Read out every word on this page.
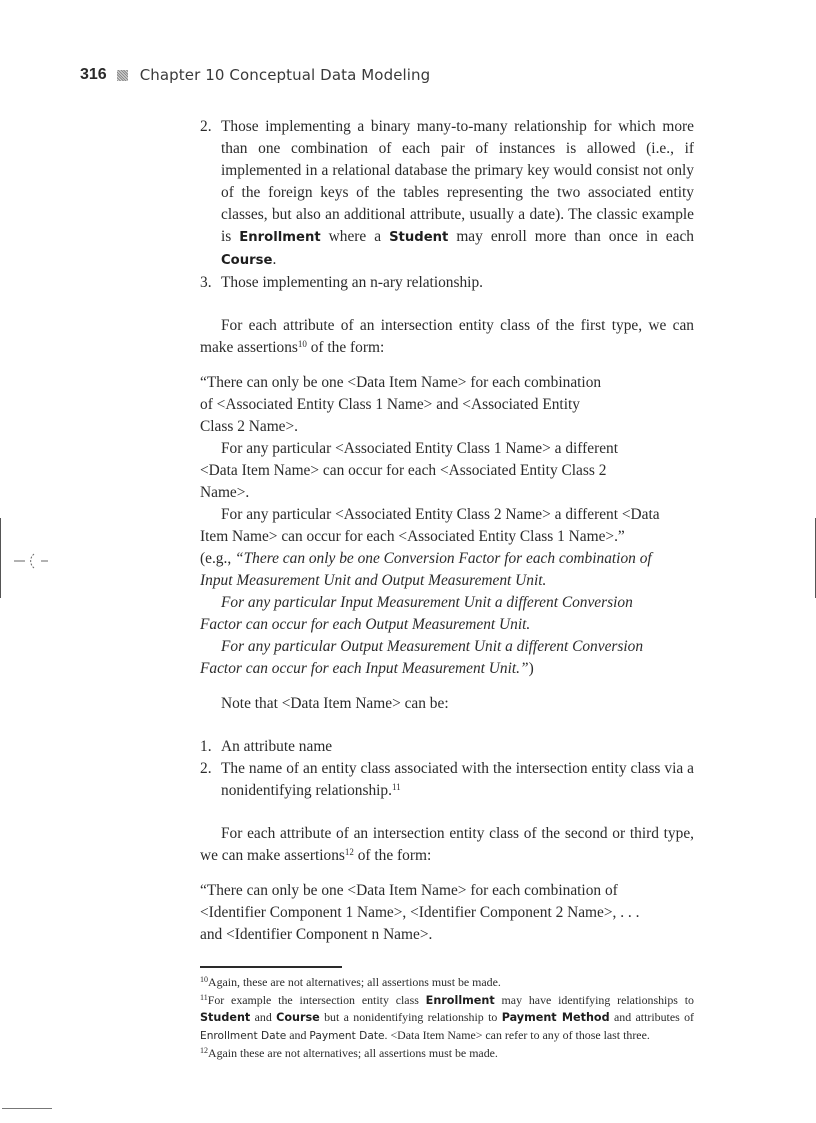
316 Chapter 10 Conceptual Data Modeling
2. Those implementing a binary many-to-many relationship for which more than one combination of each pair of instances is allowed (i.e., if implemented in a relational database the primary key would consist not only of the foreign keys of the tables representing the two associated entity classes, but also an additional attribute, usually a date). The classic example is Enrollment where a Student may enroll more than once in each Course.
3. Those implementing an n-ary relationship.

For each attribute of an intersection entity class of the first type, we can make assertions$^{10}$ of the form:

“There can only be one <Data Item Name> for each combination
of <Associated Entity Class 1 Name> and <Associated Entity
Class 2 Name>.
For any particular <Associated Entity Class 1 Name> a different
<Data Item Name> can occur for each <Associated Entity Class 2
Name>.
For any particular <Associated Entity Class 2 Name> a different <Data
Item Name> can occur for each <Associated Entity Class 1 Name>.”
(e.g., “There can only be one Conversion Factor for each combination of
Input Measurement Unit and Output Measurement Unit.
For any particular Input Measurement Unit a different Conversion
Factor can occur for each Output Measurement Unit.
For any particular Output Measurement Unit a different Conversion
Factor can occur for each Input Measurement Unit.”)

Note that <Data Item Name> can be:

1. An attribute name
2. The name of an entity class associated with the intersection entity class via a nonidentifying relationship.$^{11}$

For each attribute of an intersection entity class of the second or third type, we can make assertions$^{12}$ of the form:

“There can only be one <Data Item Name> for each combination of
<Identifier Component 1 Name>, <Identifier Component 2 Name>, . . .
and <Identifier Component n Name>.
$^{10}$Again, these are not alternatives; all assertions must be made.
$^{11}$For example the intersection entity class Enrollment may have identifying relationships to Student and Course but a nonidentifying relationship to Payment Method and attributes of Enrollment Date and Payment Date. <Data Item Name> can refer to any of those last three.
$^{12}$Again these are not alternatives; all assertions must be made.
